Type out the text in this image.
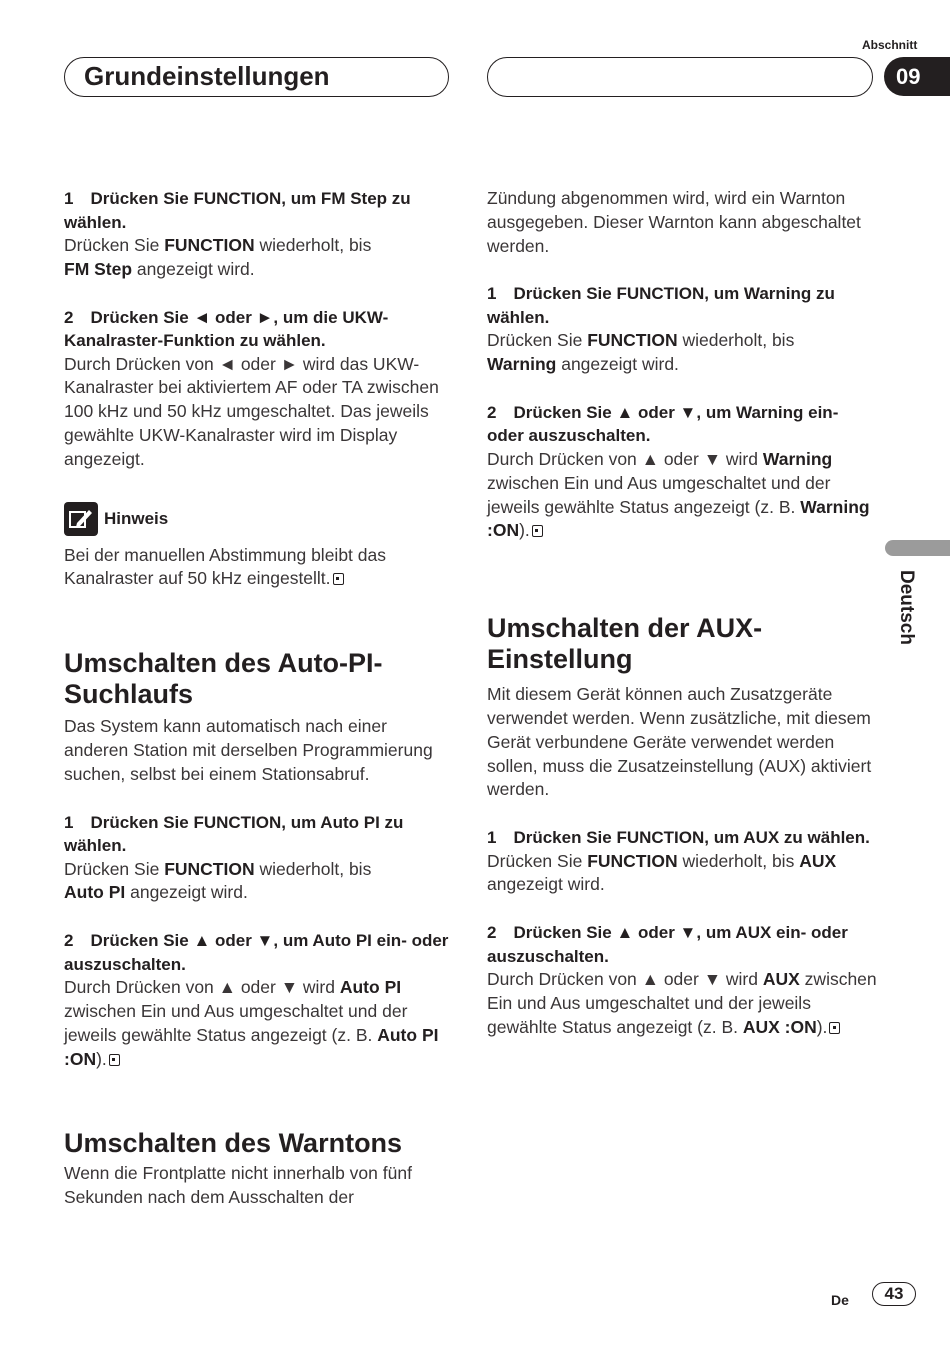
Grundeinstellungen
Abschnitt
09
Deutsch

1 Drücken Sie FUNCTION, um FM Step zu wählen.

Drücken Sie FUNCTION wiederholt, bis
FM Step angezeigt wird.

2 Drücken Sie ◄ oder ►, um die UKW-Kanalraster-Funktion zu wählen.

Durch Drücken von ◄ oder ► wird das UKW-Kanalraster bei aktiviertem AF oder TA zwischen 100 kHz und 50 kHz umgeschaltet. Das jeweils gewählte UKW-Kanalraster wird im Display angezeigt.

Hinweis

Bei der manuellen Abstimmung bleibt das Kanalraster auf 50 kHz eingestellt.

Umschalten des Auto-PI-Suchlaufs

Das System kann automatisch nach einer anderen Station mit derselben Programmierung suchen, selbst bei einem Stationsabruf.

1 Drücken Sie FUNCTION, um Auto PI zu wählen.

Drücken Sie FUNCTION wiederholt, bis
Auto PI angezeigt wird.

2 Drücken Sie ▲ oder ▼, um Auto PI ein- oder auszuschalten.

Durch Drücken von ▲ oder ▼ wird Auto PI zwischen Ein und Aus umgeschaltet und der jeweils gewählte Status angezeigt (z. B. Auto PI :ON).

Umschalten des Warntons

Wenn die Frontplatte nicht innerhalb von fünf Sekunden nach dem Ausschalten der

Zündung abgenommen wird, wird ein Warnton ausgegeben. Dieser Warnton kann abgeschaltet werden.

1 Drücken Sie FUNCTION, um Warning zu wählen.

Drücken Sie FUNCTION wiederholt, bis
Warning angezeigt wird.

2 Drücken Sie ▲ oder ▼, um Warning ein- oder auszuschalten.

Durch Drücken von ▲ oder ▼ wird Warning zwischen Ein und Aus umgeschaltet und der jeweils gewählte Status angezeigt (z. B. Warning :ON).

Umschalten der AUX-Einstellung

Mit diesem Gerät können auch Zusatzgeräte verwendet werden. Wenn zusätzliche, mit diesem Gerät verbundene Geräte verwendet werden sollen, muss die Zusatzeinstellung (AUX) aktiviert werden.

1 Drücken Sie FUNCTION, um AUX zu wählen.

Drücken Sie FUNCTION wiederholt, bis AUX angezeigt wird.

2 Drücken Sie ▲ oder ▼, um AUX ein- oder auszuschalten.

Durch Drücken von ▲ oder ▼ wird AUX zwischen Ein und Aus umgeschaltet und der jeweils gewählte Status angezeigt (z. B. AUX :ON).

De	43
